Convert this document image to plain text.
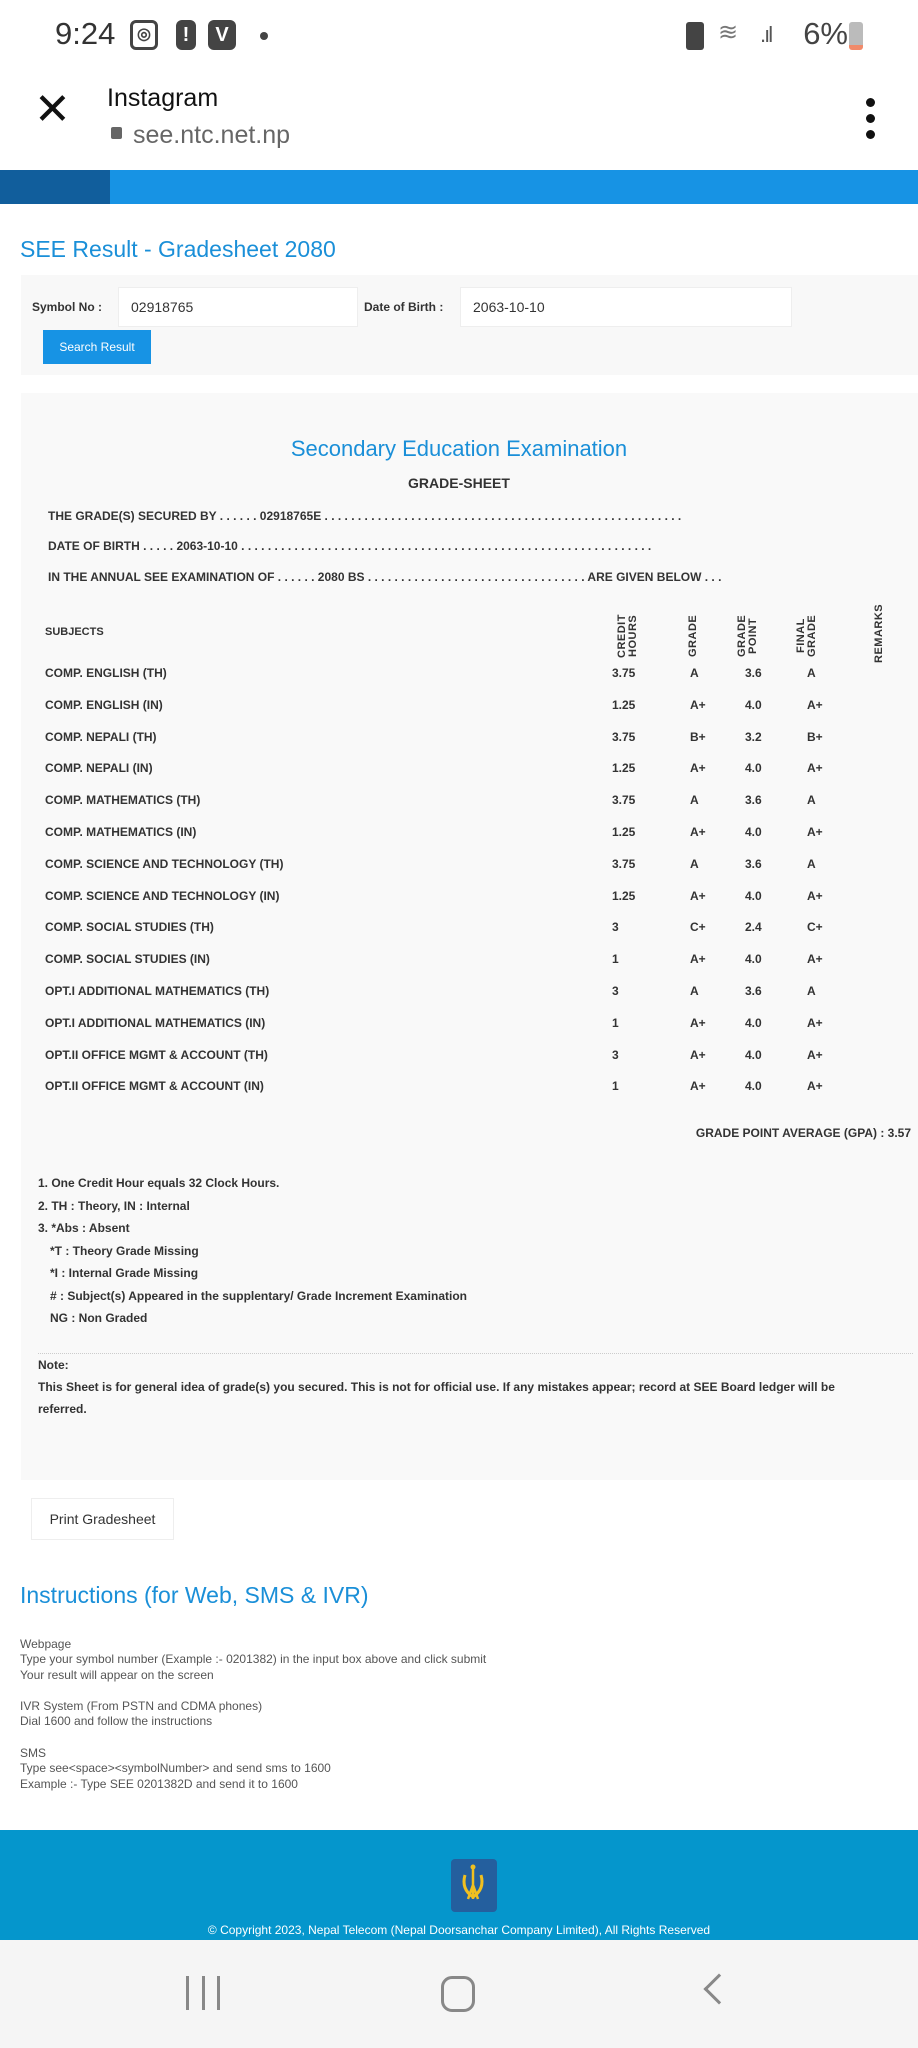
9:24	◎	!	V	≋ .ıl 6%
✕ Instagram
see.ntc.net.np
SEE Result - Gradesheet 2080
Symbol No :	02918765	Date of Birth :	2063-10-10
Search Result
Secondary Education Examination
GRADE-SHEET
THE GRADE(S) SECURED BY . . . . . . 02918765E . . . . . . . . . . . . . . . . . . . . . . . . . . . . . . . . . . . . . . . . . . . . . . . . . . . . . .
DATE OF BIRTH . . . . . 2063-10-10 . . . . . . . . . . . . . . . . . . . . . . . . . . . . . . . . . . . . . . . . . . . . . . . . . . . . . . . . . . . . . .
IN THE ANNUAL SEE EXAMINATION OF . . . . . . 2080 BS . . . . . . . . . . . . . . . . . . . . . . . . . . . . . . . . . ARE GIVEN BELOW . . .
SUBJECTS	CREDIT HOURS	GRADE	GRADE POINT	FINAL GRADE	REMARKS
COMP. ENGLISH (TH)	3.75	A	3.6	A
COMP. ENGLISH (IN)	1.25	A+	4.0	A+
COMP. NEPALI (TH)	3.75	B+	3.2	B+
COMP. NEPALI (IN)	1.25	A+	4.0	A+
COMP. MATHEMATICS (TH)	3.75	A	3.6	A
COMP. MATHEMATICS (IN)	1.25	A+	4.0	A+
COMP. SCIENCE AND TECHNOLOGY (TH)	3.75	A	3.6	A
COMP. SCIENCE AND TECHNOLOGY (IN)	1.25	A+	4.0	A+
COMP. SOCIAL STUDIES (TH)	3	C+	2.4	C+
COMP. SOCIAL STUDIES (IN)	1	A+	4.0	A+
OPT.I ADDITIONAL MATHEMATICS (TH)	3	A	3.6	A
OPT.I ADDITIONAL MATHEMATICS (IN)	1	A+	4.0	A+
OPT.II OFFICE MGMT & ACCOUNT (TH)	3	A+	4.0	A+
OPT.II OFFICE MGMT & ACCOUNT (IN)	1	A+	4.0	A+
GRADE POINT AVERAGE (GPA) : 3.57
1. One Credit Hour equals 32 Clock Hours.
2. TH : Theory, IN : Internal
3. *Abs : Absent
*T : Theory Grade Missing
*I : Internal Grade Missing
# : Subject(s) Appeared in the supplentary/ Grade Increment Examination
NG : Non Graded
Note:
This Sheet is for general idea of grade(s) you secured. This is not for official use. If any mistakes appear; record at SEE Board ledger will be
referred.
Print Gradesheet
Instructions (for Web, SMS & IVR)
Webpage
Type your symbol number (Example :- 0201382) in the input box above and click submit
Your result will appear on the screen
IVR System (From PSTN and CDMA phones)
Dial 1600 and follow the instructions
SMS
Type see<space><symbolNumber> and send sms to 1600
Example :- Type SEE 0201382D and send it to 1600
© Copyright 2023, Nepal Telecom (Nepal Doorsanchar Company Limited), All Rights Reserved
